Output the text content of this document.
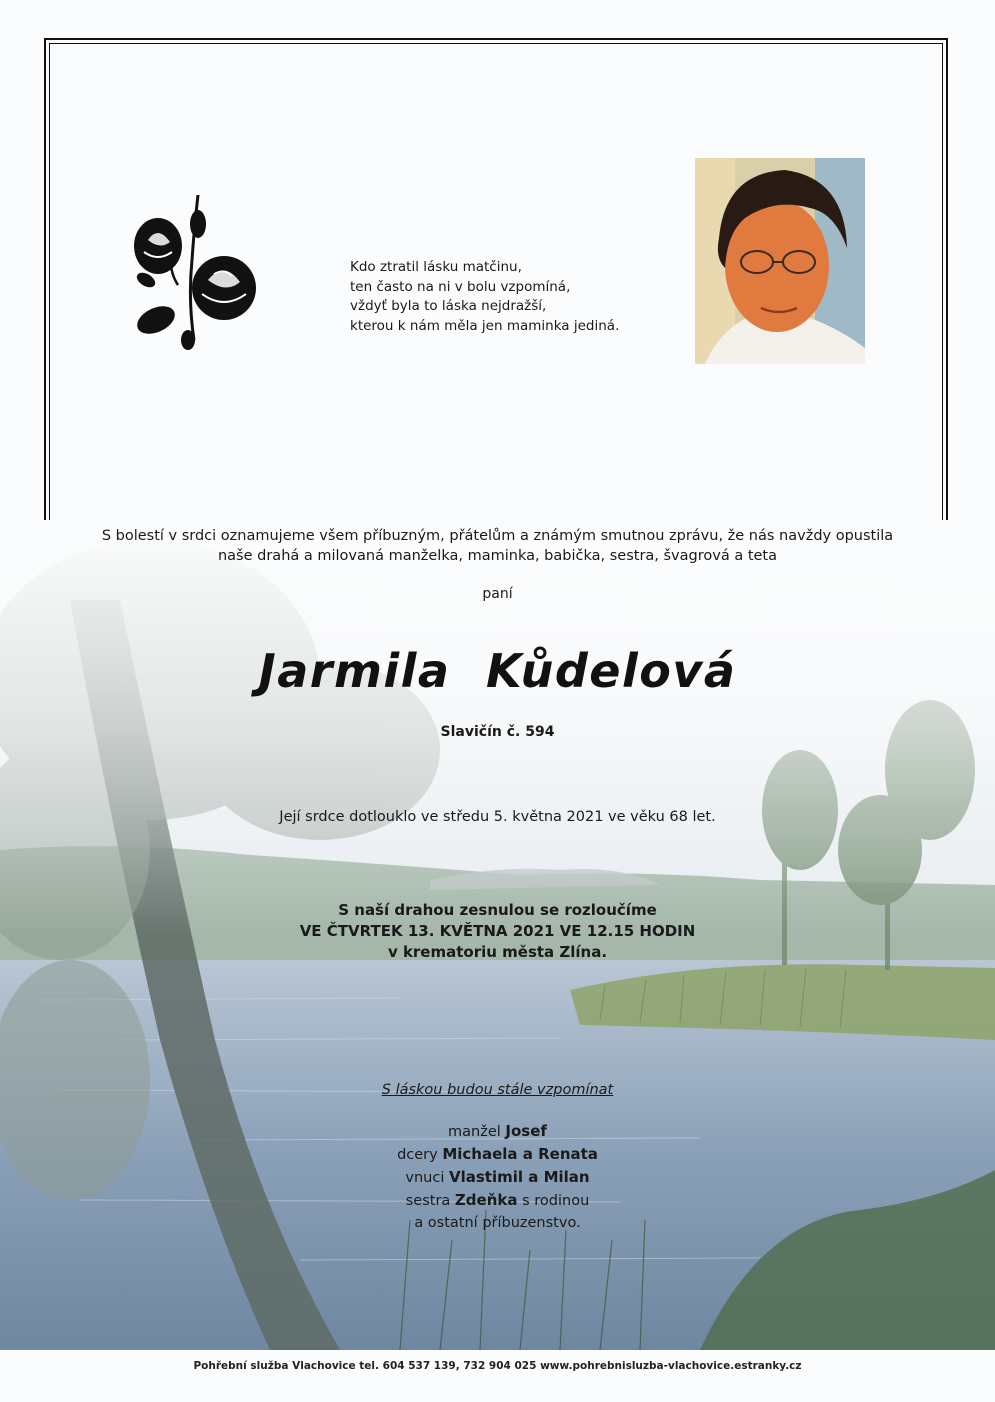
Kdo ztratil lásku matčinu,
ten často na ni v bolu vzpomíná,
vždyť byla to láska nejdražší,
kterou k nám měla jen maminka jediná.
S bolestí v srdci oznamujeme všem příbuzným, přátelům a známým smutnou zprávu, že nás navždy opustila
naše drahá a milovaná manželka, maminka, babička, sestra, švagrová a teta
paní
Jarmila Kůdelová
Slavičín č. 594
Její srdce dotlouklo ve středu 5. května 2021 ve věku 68 let.
S naší drahou zesnulou se rozloučíme
VE ČTVRTEK 13. KVĚTNA 2021 VE 12.15 HODIN
v krematoriu města Zlína.
S láskou budou stále vzpomínat
manžel Josef
dcery Michaela a Renata
vnuci Vlastimil a Milan
sestra Zdeňka s rodinou
a ostatní příbuzenstvo.
Pohřební služba Vlachovice tel. 604 537 139, 732 904 025 www.pohrebnisluzba-vlachovice.estranky.cz
